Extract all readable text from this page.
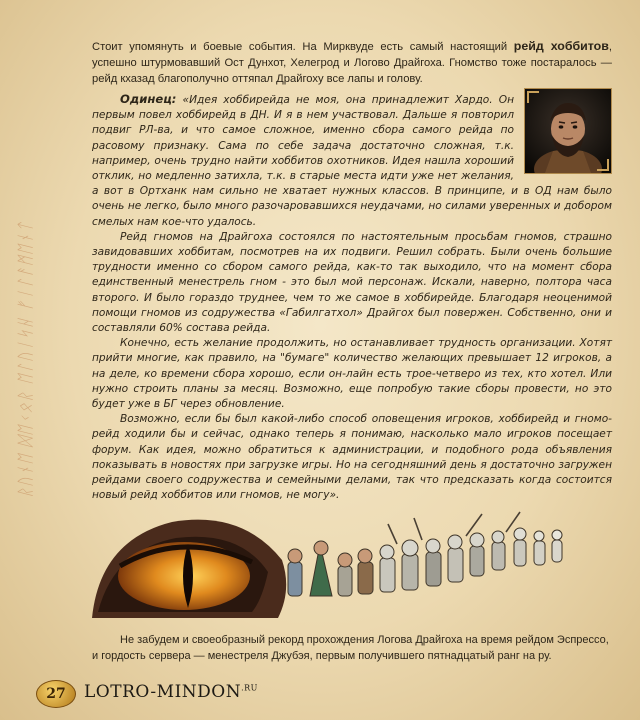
ᚱᚢᚾᛖ ᛞᛖᚲᛟᚱ ᛖᛚᚢᛁᛋᚺ ᚠᛁᛚᚨᛗᛖᚾᛏ
Стоит упомянуть и боевые события. На Мирквуде есть самый настоящий рейд хоббитов, успешно штурмовавший Ост Дунхот, Хелегрод и Логово Драйгоха. Гномство тоже постаралось — рейд кхазад благополучно оттяпал Драйгоху все лапы и голову.

Одинец: «Идея хоббирейда не моя, она принадлежит Хардо. Он первым повел хоббирейд в ДН. И я в нем участвовал. Дальше я повторил подвиг РЛ-ва, и что самое сложное, именно сбора самого рейда по расовому признаку. Сама по себе задача достаточно сложная, т.к. например, очень трудно найти хоббитов охотников. Идея нашла хороший отклик, но медленно затихла, т.к. в старые места идти уже нет желания, а вот в Ортханк нам сильно не хватает нужных классов. В принципе, и в ОД нам было очень не легко, было много разочаровавшихся неудачами, но силами уверенных и добором смелых нам кое-что удалось.

Рейд гномов на Драйгоха состоялся по настоятельным просьбам гномов, страшно завидовавших хоббитам, посмотрев на их подвиги. Решил собрать. Были очень большие трудности именно со сбором самого рейда, как-то так выходило, что на момент сбора единственный менестрель гном - это был мой персонаж. Искали, наверно, полтора часа второго. И было гораздо труднее, чем то же самое в хоббирейде. Благодаря неоценимой помощи гномов из содружества «Габилгатхол» Драйгох был повержен. Собственно, они и составляли 60% состава рейда.

Конечно, есть желание продолжить, но останавливает трудность организации. Хотят прийти многие, как правило, на "бумаге" количество желающих превышает 12 игроков, а на деле, ко времени сбора хорошо, если он-лайн есть трое-четверо из тех, кто хотел. Или нужно строить планы за месяц. Возможно, еще попробую такие сборы провести, но это будет уже в БГ через обновление.

Возможно, если бы был какой-либо способ оповещения игроков, хоббирейд и гномо-рейд ходили бы и сейчас, однако теперь я понимаю, насколько мало игроков посещает форум. Как идея, можно обратиться к администрации, и подобного рода объявления показывать в новостях при загрузке игры. Но на сегодняшний день я достаточно загружен рейдами своего содружества и семейными делами, так что предсказать когда состоится новый рейд хоббитов или гномов, не могу».

Не забудем и своеобразный рекорд прохождения Логова Драйгоха на время рейдом Эспрессо, и гордость сервера — менестреля Джубэя, первым получившего пятнадцатый ранг на ру.
27	LOTRO-$MINDON^{.RU}$
